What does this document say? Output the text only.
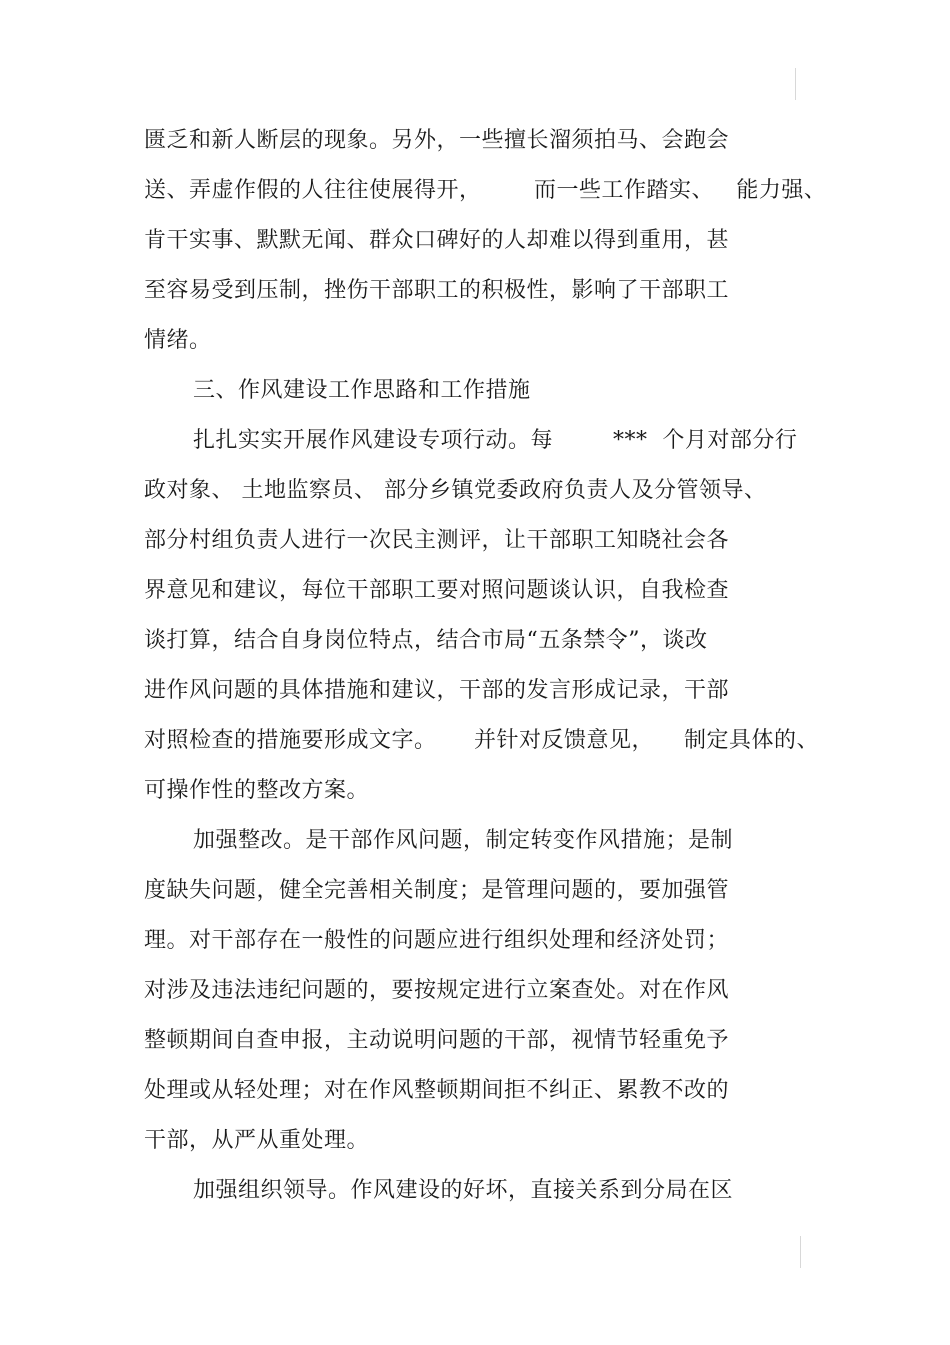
匮乏和新人断层的现象。另外，一些擅长溜须拍马、会跑会
送、弄虚作假的人往往使展得开，       而一些工作踏实、   能力强、
肯干实事、默默无闻、群众口碑好的人却难以得到重用，甚
至容易受到压制，挫伤干部职工的积极性，影响了干部职工
情绪。
三、作风建设工作思路和工作措施
扎扎实实开展作风建设专项行动。每        ***  个月对部分行
政对象、 土地监察员、 部分乡镇党委政府负责人及分管领导、
部分村组负责人进行一次民主测评，让干部职工知晓社会各
界意见和建议，每位干部职工要对照问题谈认识，自我检查
谈打算，结合自身岗位特点，结合市局“五条禁令”，谈改
进作风问题的具体措施和建议，干部的发言形成记录，干部
对照检查的措施要形成文字。     并针对反馈意见，    制定具体的、
可操作性的整改方案。
加强整改。是干部作风问题，制定转变作风措施；是制
度缺失问题，健全完善相关制度；是管理问题的，要加强管
理。对干部存在一般性的问题应进行组织处理和经济处罚；
对涉及违法违纪问题的，要按规定进行立案查处。对在作风
整顿期间自查申报，主动说明问题的干部，视情节轻重免予
处理或从轻处理；对在作风整顿期间拒不纠正、累教不改的
干部，从严从重处理。
加强组织领导。作风建设的好坏，直接关系到分局在区
